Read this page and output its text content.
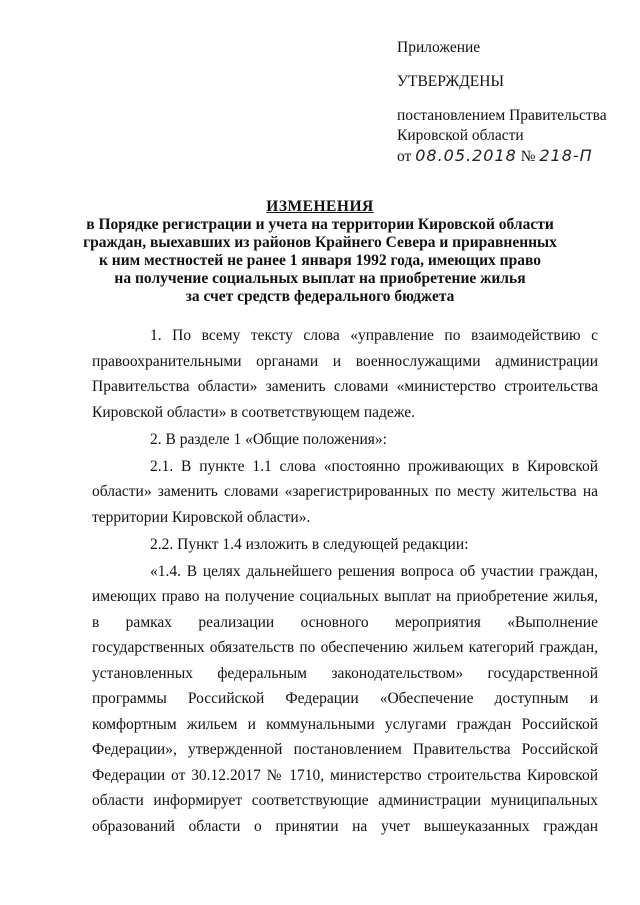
Приложение
УТВЕРЖДЕНЫ
постановлением Правительства
Кировской области
от 08.05.2018 № 218-П
ИЗМЕНЕНИЯ
в Порядке регистрации и учета на территории Кировской области
граждан, выехавших из районов Крайнего Севера и приравненных
к ним местностей не ранее 1 января 1992 года, имеющих право
на получение социальных выплат на приобретение жилья
за счет средств федерального бюджета

1. По всему тексту слова «управление по взаимодействию с правоохранительными органами и военнослужащими администрации Правительства области» заменить словами «министерство строительства Кировской области» в соответствующем падеже.

2. В разделе 1 «Общие положения»:

2.1. В пункте 1.1 слова «постоянно проживающих в Кировской области» заменить словами «зарегистрированных по месту жительства на территории Кировской области».

2.2. Пункт 1.4 изложить в следующей редакции:

«1.4. В целях дальнейшего решения вопроса об участии граждан, имеющих право на получение социальных выплат на приобретение жилья, в рамках реализации основного мероприятия «Выполнение государственных обязательств по обеспечению жильем категорий граждан, установленных федеральным законодательством» государственной программы Российской Федерации «Обеспечение доступным и комфортным жильем и коммунальными услугами граждан Российской Федерации», утвержденной постановлением Правительства Российской Федерации от 30.12.2017 № 1710, министерство строительства Кировской области информирует соответствующие администрации муниципальных образований области о принятии на учет вышеуказанных граждан
